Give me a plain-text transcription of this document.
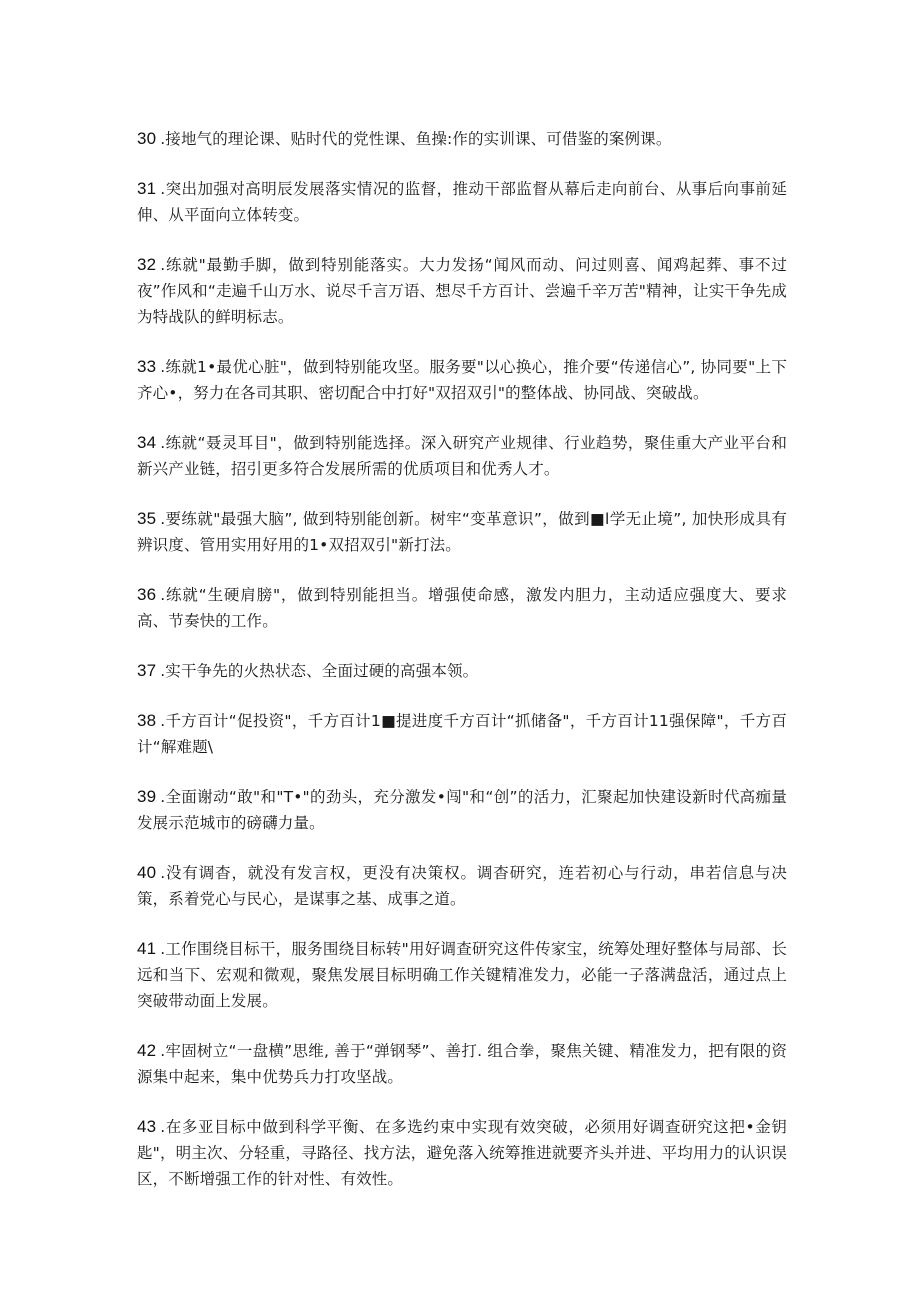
30 .接地气的理论课、贴时代的党性课、鱼操:作的实训课、可借鉴的案例课。

31 .突出加强对高明辰发展落实情况的监督，推动干部监督从幕后走向前台、从事后向事前延伸、从平面向立体转变。

32 .练就"最勤手脚，做到特别能落实。大力发扬“闻风而动、问过则喜、闻鸡起葬、事不过夜”作风和“走遍千山万水、说尽千言万语、想尽千方百计、尝遍千辛万苦"精神，让实干争先成为特战队的鲜明标志。

33 .练就1•最优心脏"，做到特别能攻坚。服务要"以心换心，推介要“传递信心”, 协同要"上下齐心•，努力在各司其职、密切配合中打好"双招双引"的整体战、协同战、突破战。

34 .练就“聂灵耳目"，做到特别能选择。深入研究产业规律、行业趋势，聚佳重大产业平台和新兴产业链，招引更多符合发展所需的优质项目和优秀人才。

35 .要练就"最强大脑”, 做到特别能创新。树牢“变革意识”，做到■l学无止境”, 加快形成具有辨识度、管用实用好用的1•双招双引"新打法。

36 .练就“生硬肩膀"，做到特别能担当。增强使命感，激发内胆力，主动适应强度大、要求高、节奏快的工作。

37 .实干争先的火热状态、全面过硬的高强本领。

38 .千方百计“促投资"，千方百计1■提进度千方百计“抓储备"，千方百计11强保障"，千方百计“解难题\

39 .全面谢动“敢"和"T•"的劲头，充分激发•闯"和“创”的活力，汇聚起加快建设新时代高痂量发展示范城市的磅礴力量。

40 .没有调杳，就没有发言权，更没有决策权。调杳研究，连若初心与行动，串若信息与决策，系着党心与民心，是谋事之基、成事之道。

41 .工作围绕目标干，服务围绕目标转"用好调查研究这件传家宝，统筹处理好整体与局部、长远和当下、宏观和微观，聚焦发展目标明确工作关键精准发力，必能一子落满盘活，通过点上突破带动面上发展。

42 .牢固树立“一盘横”思维, 善于“弹钢琴”、善打. 组合拳，聚焦关键、精准发力，把有限的资源集中起来，集中优势兵力打攻坚战。

43 .在多亚目标中做到科学平衡、在多选约束中实现有效突破，必须用好调查研究这把•金钥匙"，明主次、分轻重，寻路径、找方法，避免落入统筹推进就要齐头并进、平均用力的认识误区，不断增强工作的针对性、有效性。
